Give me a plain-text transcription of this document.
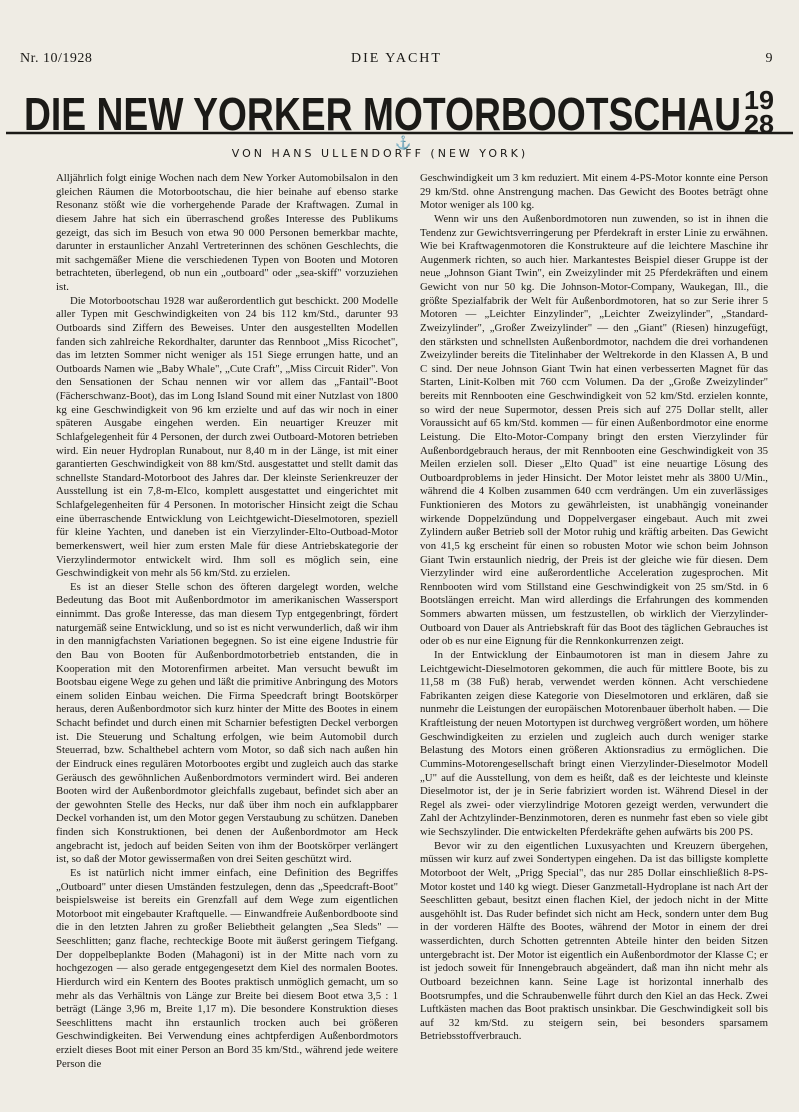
Nr. 10/1928	DIE YACHT	9
DIE NEW YORKER MOTORBOOTSCHAU 19
28
⚓
VON HANS ULLENDORFF (NEW YORK)

Alljährlich folgt einige Wochen nach dem New Yorker Automobilsalon in den gleichen Räumen die Motorbootschau, die hier beinahe auf ebenso starke Resonanz stößt wie die vorhergehende Parade der Kraftwagen. Zumal in diesem Jahre hat sich ein überraschend großes Interesse des Publikums gezeigt, das sich im Besuch von etwa 90 000 Personen bemerkbar machte, darunter in erstaunlicher Anzahl Vertreterinnen des schönen Geschlechts, die mit sachgemäßer Miene die verschiedenen Typen von Booten und Motoren betrachteten, überlegend, ob nun ein „outboard" oder „sea-skiff" vorzuziehen ist.

Die Motorbootschau 1928 war außerordentlich gut beschickt. 200 Modelle aller Typen mit Geschwindigkeiten von 24 bis 112 km/Std., darunter 93 Outboards sind Ziffern des Beweises. Unter den ausgestellten Modellen fanden sich zahlreiche Rekordhalter, darunter das Rennboot „Miss Ricochet", das im letzten Sommer nicht weniger als 151 Siege errungen hatte, und an Outboards Namen wie „Baby Whale", „Cute Craft", „Miss Circuit Rider". Von den Sensationen der Schau nennen wir vor allem das „Fantail"-Boot (Fächerschwanz-Boot), das im Long Island Sound mit einer Nutzlast von 1800 kg eine Geschwindigkeit von 96 km erzielte und auf das wir noch in einer späteren Ausgabe eingehen werden. Ein neuartiger Kreuzer mit Schlafgelegenheit für 4 Personen, der durch zwei Outboard-Motoren betrieben wird. Ein neuer Hydroplan Runabout, nur 8,40 m in der Länge, ist mit einer garantierten Geschwindigkeit von 88 km/Std. ausgestattet und stellt damit das schnellste Standard-Motorboot des Jahres dar. Der kleinste Serienkreuzer der Ausstellung ist ein 7,8-m-Elco, komplett ausgestattet und eingerichtet mit Schlafgelegenheiten für 4 Personen. In motorischer Hinsicht zeigt die Schau eine überraschende Entwicklung von Leichtgewicht-Dieselmotoren, speziell für kleine Yachten, und daneben ist ein Vierzylinder-Elto-Outboad-Motor bemerkenswert, weil hier zum ersten Male für diese Antriebskategorie der Vierzylindermotor entwickelt wird. Ihm soll es möglich sein, eine Geschwindigkeit von mehr als 56 km/Std. zu erzielen.

Es ist an dieser Stelle schon des öfteren dargelegt worden, welche Bedeutung das Boot mit Außenbordmotor im amerikanischen Wassersport einnimmt. Das große Interesse, das man diesem Typ entgegenbringt, fördert naturgemäß seine Entwicklung, und so ist es nicht verwunderlich, daß wir ihm in den mannigfachsten Variationen begegnen. So ist eine eigene Industrie für den Bau von Booten für Außenbordmotorbetrieb entstanden, die in Kooperation mit den Motorenfirmen arbeitet. Man versucht bewußt im Bootsbau eigene Wege zu gehen und läßt die primitive Anbringung des Motors einem soliden Einbau weichen. Die Firma Speedcraft bringt Bootskörper heraus, deren Außenbordmotor sich kurz hinter der Mitte des Bootes in einem Schacht befindet und durch einen mit Scharnier befestigten Deckel verborgen ist. Die Steuerung und Schaltung erfolgen, wie beim Automobil durch Steuerrad, bzw. Schalthebel achtern vom Motor, so daß sich nach außen hin der Eindruck eines regulären Motorbootes ergibt und zugleich auch das starke Geräusch des gewöhnlichen Außenbordmotors vermindert wird. Bei anderen Booten wird der Außenbordmotor gleichfalls zugebaut, befindet sich aber an der gewohnten Stelle des Hecks, nur daß über ihm noch ein aufklappbarer Deckel vorhanden ist, um den Motor gegen Verstaubung zu schützen. Daneben finden sich Konstruktionen, bei denen der Außenbordmotor am Heck angebracht ist, jedoch auf beiden Seiten von ihm der Bootskörper verlängert ist, so daß der Motor gewissermaßen von drei Seiten geschützt wird.

Es ist natürlich nicht immer einfach, eine Definition des Begriffes „Outboard" unter diesen Umständen festzulegen, denn das „Speedcraft-Boot" beispielsweise ist bereits ein Grenzfall auf dem Wege zum eigentlichen Motorboot mit eingebauter Kraftquelle. — Einwandfreie Außenbordboote sind die in den letzten Jahren zu großer Beliebtheit gelangten „Sea Sleds" — Seeschlitten; ganz flache, rechteckige Boote mit äußerst geringem Tiefgang. Der doppelbeplankte Boden (Mahagoni) ist in der Mitte nach vorn zu hochgezogen — also gerade entgegengesetzt dem Kiel des normalen Bootes. Hierdurch wird ein Kentern des Bootes praktisch unmöglich gemacht, um so mehr als das Verhältnis von Länge zur Breite bei diesem Boot etwa 3,5 : 1 beträgt (Länge 3,96 m, Breite 1,17 m). Die besondere Konstruktion dieses Seeschlittens macht ihn erstaunlich trocken auch bei größeren Geschwindigkeiten. Bei Verwendung eines achtpferdigen Außenbordmotors erzielt dieses Boot mit einer Person an Bord 35 km/Std., während jede weitere Person die

Geschwindigkeit um 3 km reduziert. Mit einem 4-PS-Motor konnte eine Person 29 km/Std. ohne Anstrengung machen. Das Gewicht des Bootes beträgt ohne Motor weniger als 100 kg.

Wenn wir uns den Außenbordmotoren nun zuwenden, so ist in ihnen die Tendenz zur Gewichtsverringerung per Pferdekraft in erster Linie zu erwähnen. Wie bei Kraftwagenmotoren die Konstrukteure auf die leichtere Maschine ihr Augenmerk richten, so auch hier. Markantestes Beispiel dieser Gruppe ist der neue „Johnson Giant Twin", ein Zweizylinder mit 25 Pferdekräften und einem Gewicht von nur 50 kg. Die Johnson-Motor-Company, Waukegan, Ill., die größte Spezialfabrik der Welt für Außenbordmotoren, hat so zur Serie ihrer 5 Motoren — „Leichter Einzylinder", „Leichter Zweizylinder", „Standard-Zweizylinder", „Großer Zweizylinder" — den „Giant" (Riesen) hinzugefügt, den stärksten und schnellsten Außenbordmotor, nachdem die drei vorhandenen Zweizylinder bereits die Titelinhaber der Weltrekorde in den Klassen A, B und C sind. Der neue Johnson Giant Twin hat einen verbesserten Magnet für das Starten, Linit-Kolben mit 760 ccm Volumen. Da der „Große Zweizylinder" bereits mit Rennbooten eine Geschwindigkeit von 52 km/Std. erzielen konnte, so wird der neue Supermotor, dessen Preis sich auf 275 Dollar stellt, aller Voraussicht auf 65 km/Std. kommen — für einen Außenbordmotor eine enorme Leistung. Die Elto-Motor-Company bringt den ersten Vierzylinder für Außenbordgebrauch heraus, der mit Rennbooten eine Geschwindigkeit von 35 Meilen erzielen soll. Dieser „Elto Quad" ist eine neuartige Lösung des Outboardproblems in jeder Hinsicht. Der Motor leistet mehr als 3800 U/Min., während die 4 Kolben zusammen 640 ccm verdrängen. Um ein zuverlässiges Funktionieren des Motors zu gewährleisten, ist unabhängig voneinander wirkende Doppelzündung und Doppelvergaser eingebaut. Auch mit zwei Zylindern außer Betrieb soll der Motor ruhig und kräftig arbeiten. Das Gewicht von 41,5 kg erscheint für einen so robusten Motor wie schon beim Johnson Giant Twin erstaunlich niedrig, der Preis ist der gleiche wie für diesen. Dem Vierzylinder wird eine außerordentliche Acceleration zugesprochen. Mit Rennbooten wird vom Stillstand eine Geschwindigkeit von 25 sm/Std. in 6 Bootslängen erreicht. Man wird allerdings die Erfahrungen des kommenden Sommers abwarten müssen, um festzustellen, ob wirklich der Vierzylinder-Outboard von Dauer als Antriebskraft für das Boot des täglichen Gebrauches ist oder ob es nur eine Eignung für die Rennkonkurrenzen zeigt.

In der Entwicklung der Einbaumotoren ist man in diesem Jahre zu Leichtgewicht-Dieselmotoren gekommen, die auch für mittlere Boote, bis zu 11,58 m (38 Fuß) herab, verwendet werden können. Acht verschiedene Fabrikanten zeigen diese Kategorie von Dieselmotoren und erklären, daß sie nunmehr die Leistungen der europäischen Motorenbauer überholt haben. — Die Kraftleistung der neuen Motortypen ist durchweg vergrößert worden, um höhere Geschwindigkeiten zu erzielen und zugleich auch durch weniger starke Belastung des Motors einen größeren Aktionsradius zu ermöglichen. Die Cummins-Motorengesellschaft bringt einen Vierzylinder-Dieselmotor Modell „U" auf die Ausstellung, von dem es heißt, daß es der leichteste und kleinste Dieselmotor ist, der je in Serie fabriziert worden ist. Während Diesel in der Regel als zwei- oder vierzylindrige Motoren gezeigt werden, verwundert die Zahl der Achtzylinder-Benzinmotoren, deren es nunmehr fast eben so viele gibt wie Sechszylinder. Die entwickelten Pferdekräfte gehen aufwärts bis 200 PS.

Bevor wir zu den eigentlichen Luxusyachten und Kreuzern übergehen, müssen wir kurz auf zwei Sondertypen eingehen. Da ist das billigste komplette Motorboot der Welt, „Prigg Special", das nur 285 Dollar einschließlich 8-PS-Motor kostet und 140 kg wiegt. Dieser Ganzmetall-Hydroplane ist nach Art der Seeschlitten gebaut, besitzt einen flachen Kiel, der jedoch nicht in der Mitte ausgehöhlt ist. Das Ruder befindet sich nicht am Heck, sondern unter dem Bug in der vorderen Hälfte des Bootes, während der Motor in einem der drei wasserdichten, durch Schotten getrennten Abteile hinter den beiden Sitzen untergebracht ist. Der Motor ist eigentlich ein Außenbordmotor der Klasse C; er ist jedoch soweit für Innengebrauch abgeändert, daß man ihn nicht mehr als Outboard bezeichnen kann. Seine Lage ist horizontal innerhalb des Bootsrumpfes, und die Schraubenwelle führt durch den Kiel an das Heck. Zwei Luftkästen machen das Boot praktisch unsinkbar. Die Geschwindigkeit soll bis auf 32 km/Std. zu steigern sein, bei besonders sparsamem Betriebsstoffverbrauch.
